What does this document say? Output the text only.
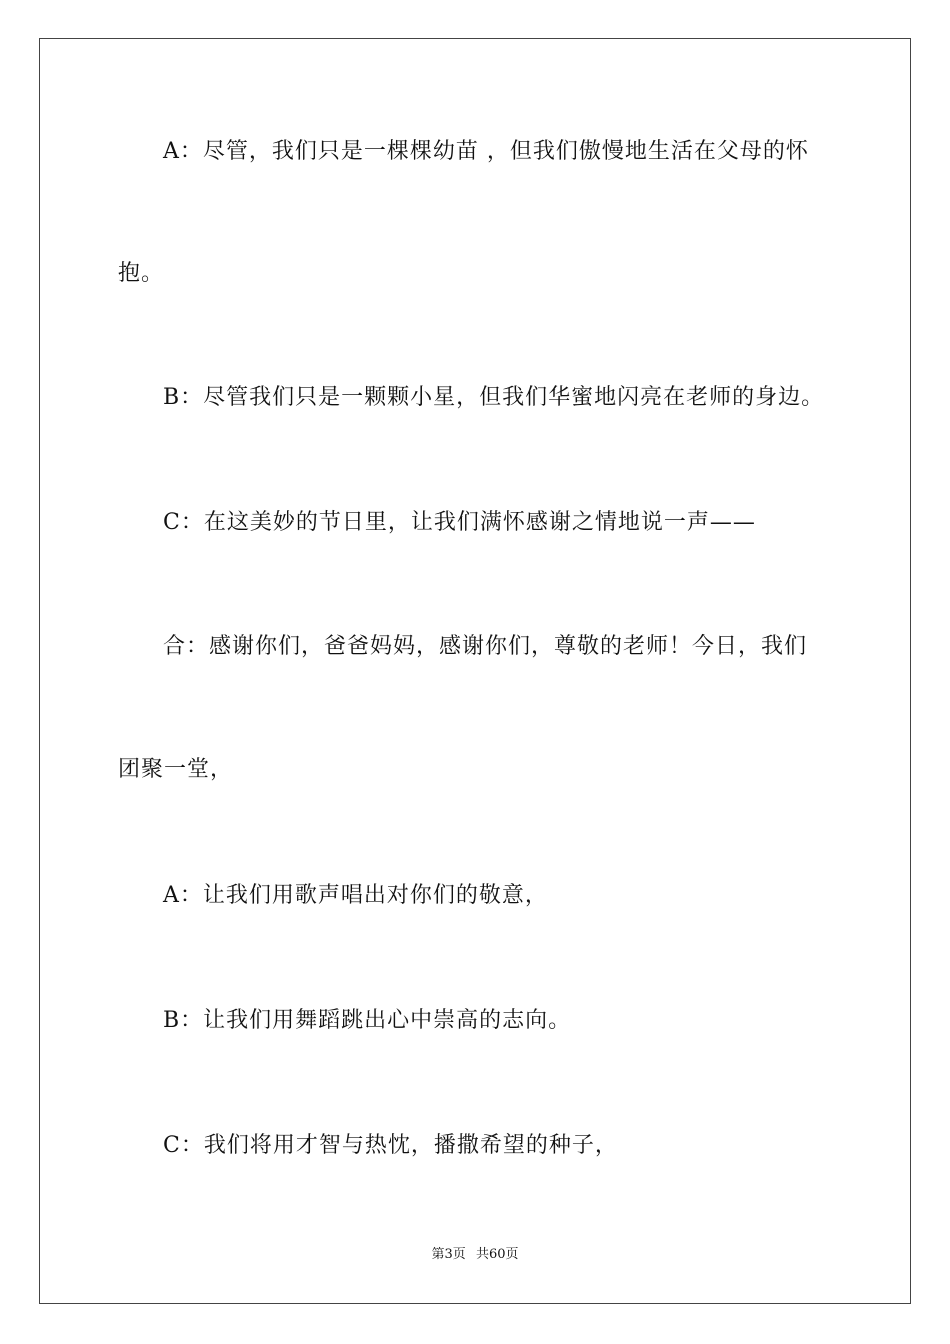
A：尽管，我们只是一棵棵幼苗 ，但我们傲慢地生活在父母的怀

抱。

B：尽管我们只是一颗颗小星，但我们华蜜地闪亮在老师的身边。

C：在这美妙的节日里，让我们满怀感谢之情地说一声——

合：感谢你们，爸爸妈妈，感谢你们，尊敬的老师！今日，我们

团聚一堂，

A：让我们用歌声唱出对你们的敬意，

B：让我们用舞蹈跳出心中崇高的志向。

C：我们将用才智与热忱，播撒希望的种子，

第3页 共60页
